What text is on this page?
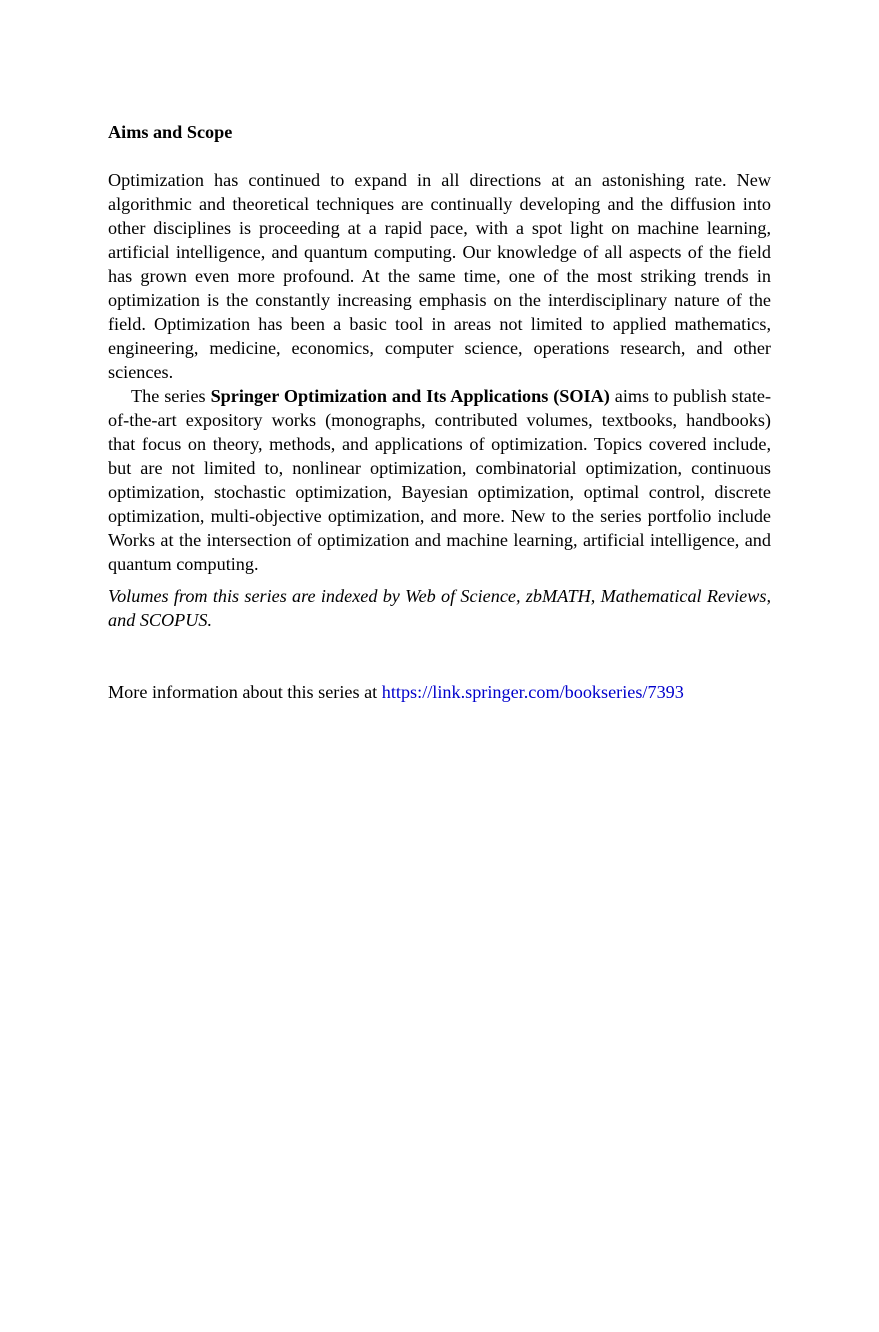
Aims and Scope

Optimization has continued to expand in all directions at an astonishing rate. New algorithmic and theoretical techniques are continually developing and the diffusion into other disciplines is proceeding at a rapid pace, with a spot light on machine learning, artificial intelligence, and quantum computing. Our knowledge of all aspects of the field has grown even more profound. At the same time, one of the most striking trends in optimization is the constantly increasing emphasis on the interdisciplinary nature of the field. Optimization has been a basic tool in areas not limited to applied mathematics, engineering, medicine, economics, computer science, operations research, and other sciences.

The series Springer Optimization and Its Applications (SOIA) aims to publish state-of-the-art expository works (monographs, contributed volumes, textbooks, handbooks) that focus on theory, methods, and applications of optimization. Topics covered include, but are not limited to, nonlinear optimization, combinatorial optimization, continuous optimization, stochastic optimization, Bayesian optimization, optimal control, discrete optimization, multi-objective optimization, and more. New to the series portfolio include Works at the intersection of optimization and machine learning, artificial intelligence, and quantum computing.

Volumes from this series are indexed by Web of Science, zbMATH, Mathematical Reviews, and SCOPUS.

More information about this series at https://link.springer.com/bookseries/7393
